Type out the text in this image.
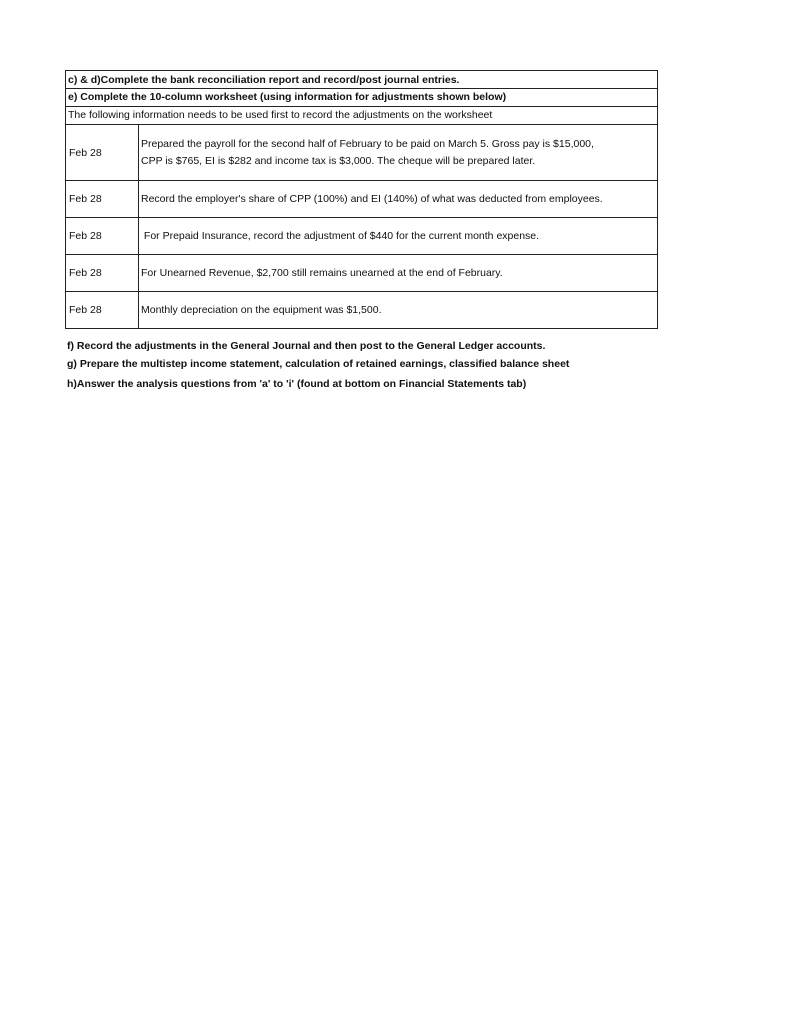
c) & d)Complete the bank reconciliation report and record/post journal entries.
e) Complete the 10-column worksheet (using information for adjustments shown below)
The following information needs to be used first to record the adjustments on the worksheet
Feb 28	Prepared the payroll for the second half of February to be paid on March 5. Gross pay is $15,000,
CPP is $765, EI is $282 and income tax is $3,000. The cheque will be prepared later.

Feb 28	Record the employer's share of CPP (100%) and EI (140%) of what was deducted from employees.
Feb 28	For Prepaid Insurance, record the adjustment of $440 for the current month expense.
Feb 28	For Unearned Revenue, $2,700 still remains unearned at the end of February.
Feb 28	Monthly depreciation on the equipment was $1,500.
f) Record the adjustments in the General Journal and then post to the General Ledger accounts.
g) Prepare the multistep income statement, calculation of retained earnings, classified balance sheet
h)Answer the analysis questions from 'a' to 'i' (found at bottom on Financial Statements tab)
